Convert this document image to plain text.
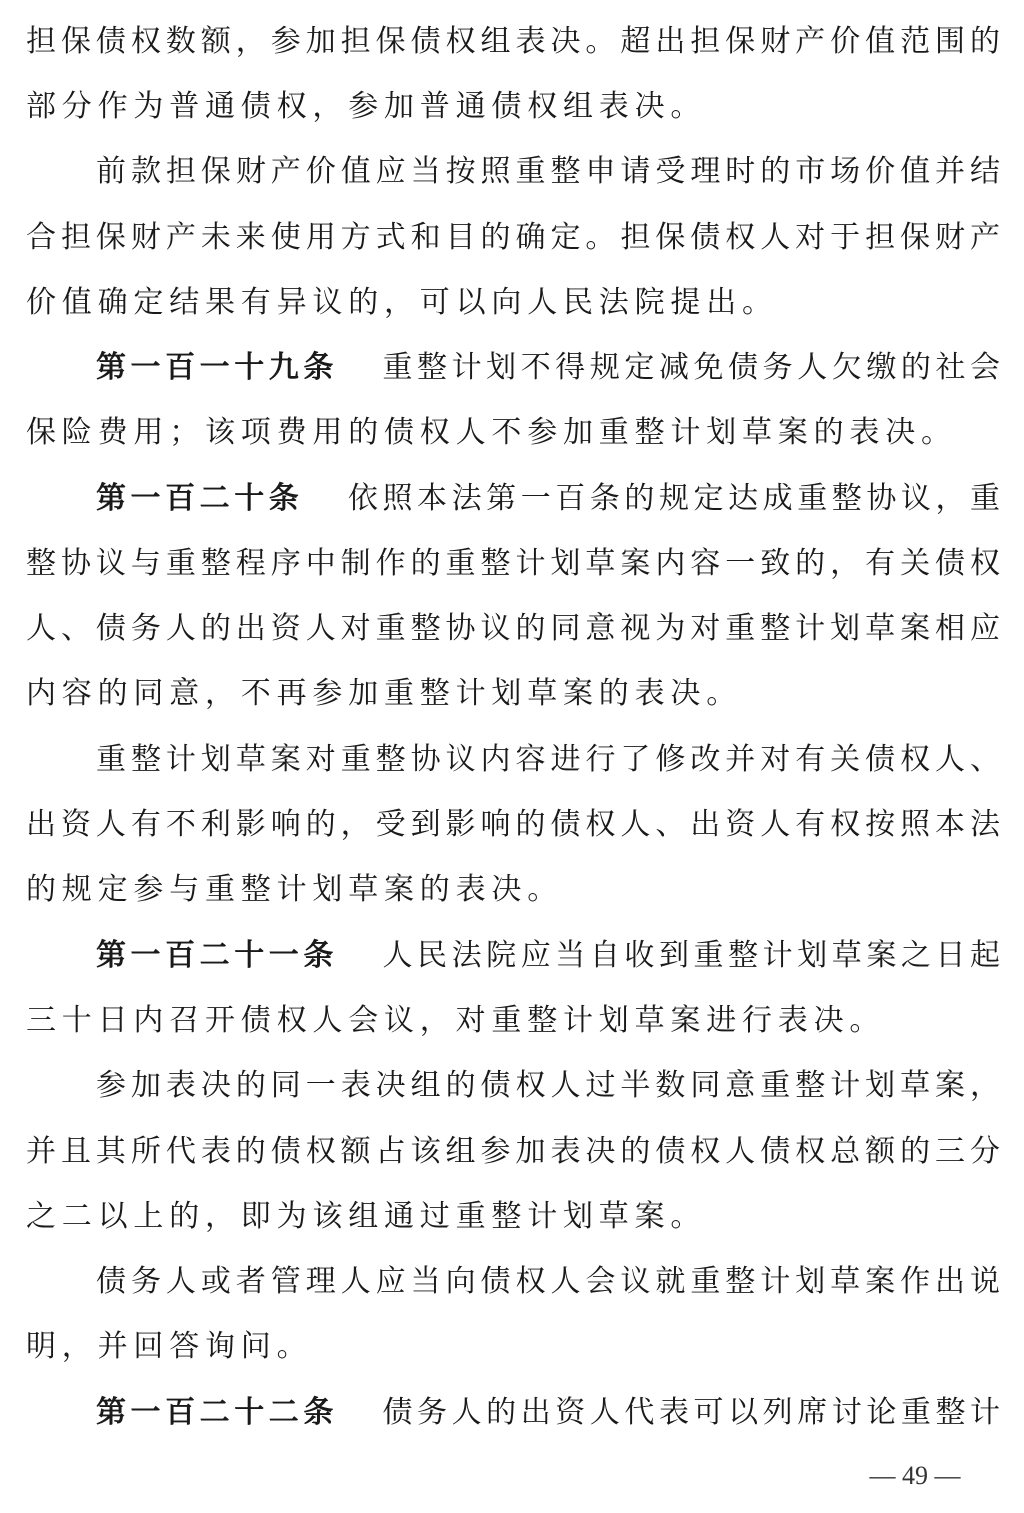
担保债权数额，参加担保债权组表决。超出担保财产价值范围的
部分作为普通债权，参加普通债权组表决。
前款担保财产价值应当按照重整申请受理时的市场价值并结
合担保财产未来使用方式和目的确定。担保债权人对于担保财产
价值确定结果有异议的，可以向人民法院提出。
第一百一十九条 重整计划不得规定减免债务人欠缴的社会
保险费用；该项费用的债权人不参加重整计划草案的表决。
第一百二十条 依照本法第一百条的规定达成重整协议，重
整协议与重整程序中制作的重整计划草案内容一致的，有关债权
人、债务人的出资人对重整协议的同意视为对重整计划草案相应
内容的同意，不再参加重整计划草案的表决。
重整计划草案对重整协议内容进行了修改并对有关债权人、
出资人有不利影响的，受到影响的债权人、出资人有权按照本法
的规定参与重整计划草案的表决。
第一百二十一条 人民法院应当自收到重整计划草案之日起
三十日内召开债权人会议，对重整计划草案进行表决。
参加表决的同一表决组的债权人过半数同意重整计划草案，
并且其所代表的债权额占该组参加表决的债权人债权总额的三分
之二以上的，即为该组通过重整计划草案。
债务人或者管理人应当向债权人会议就重整计划草案作出说
明，并回答询问。
第一百二十二条 债务人的出资人代表可以列席讨论重整计
— 49 —
